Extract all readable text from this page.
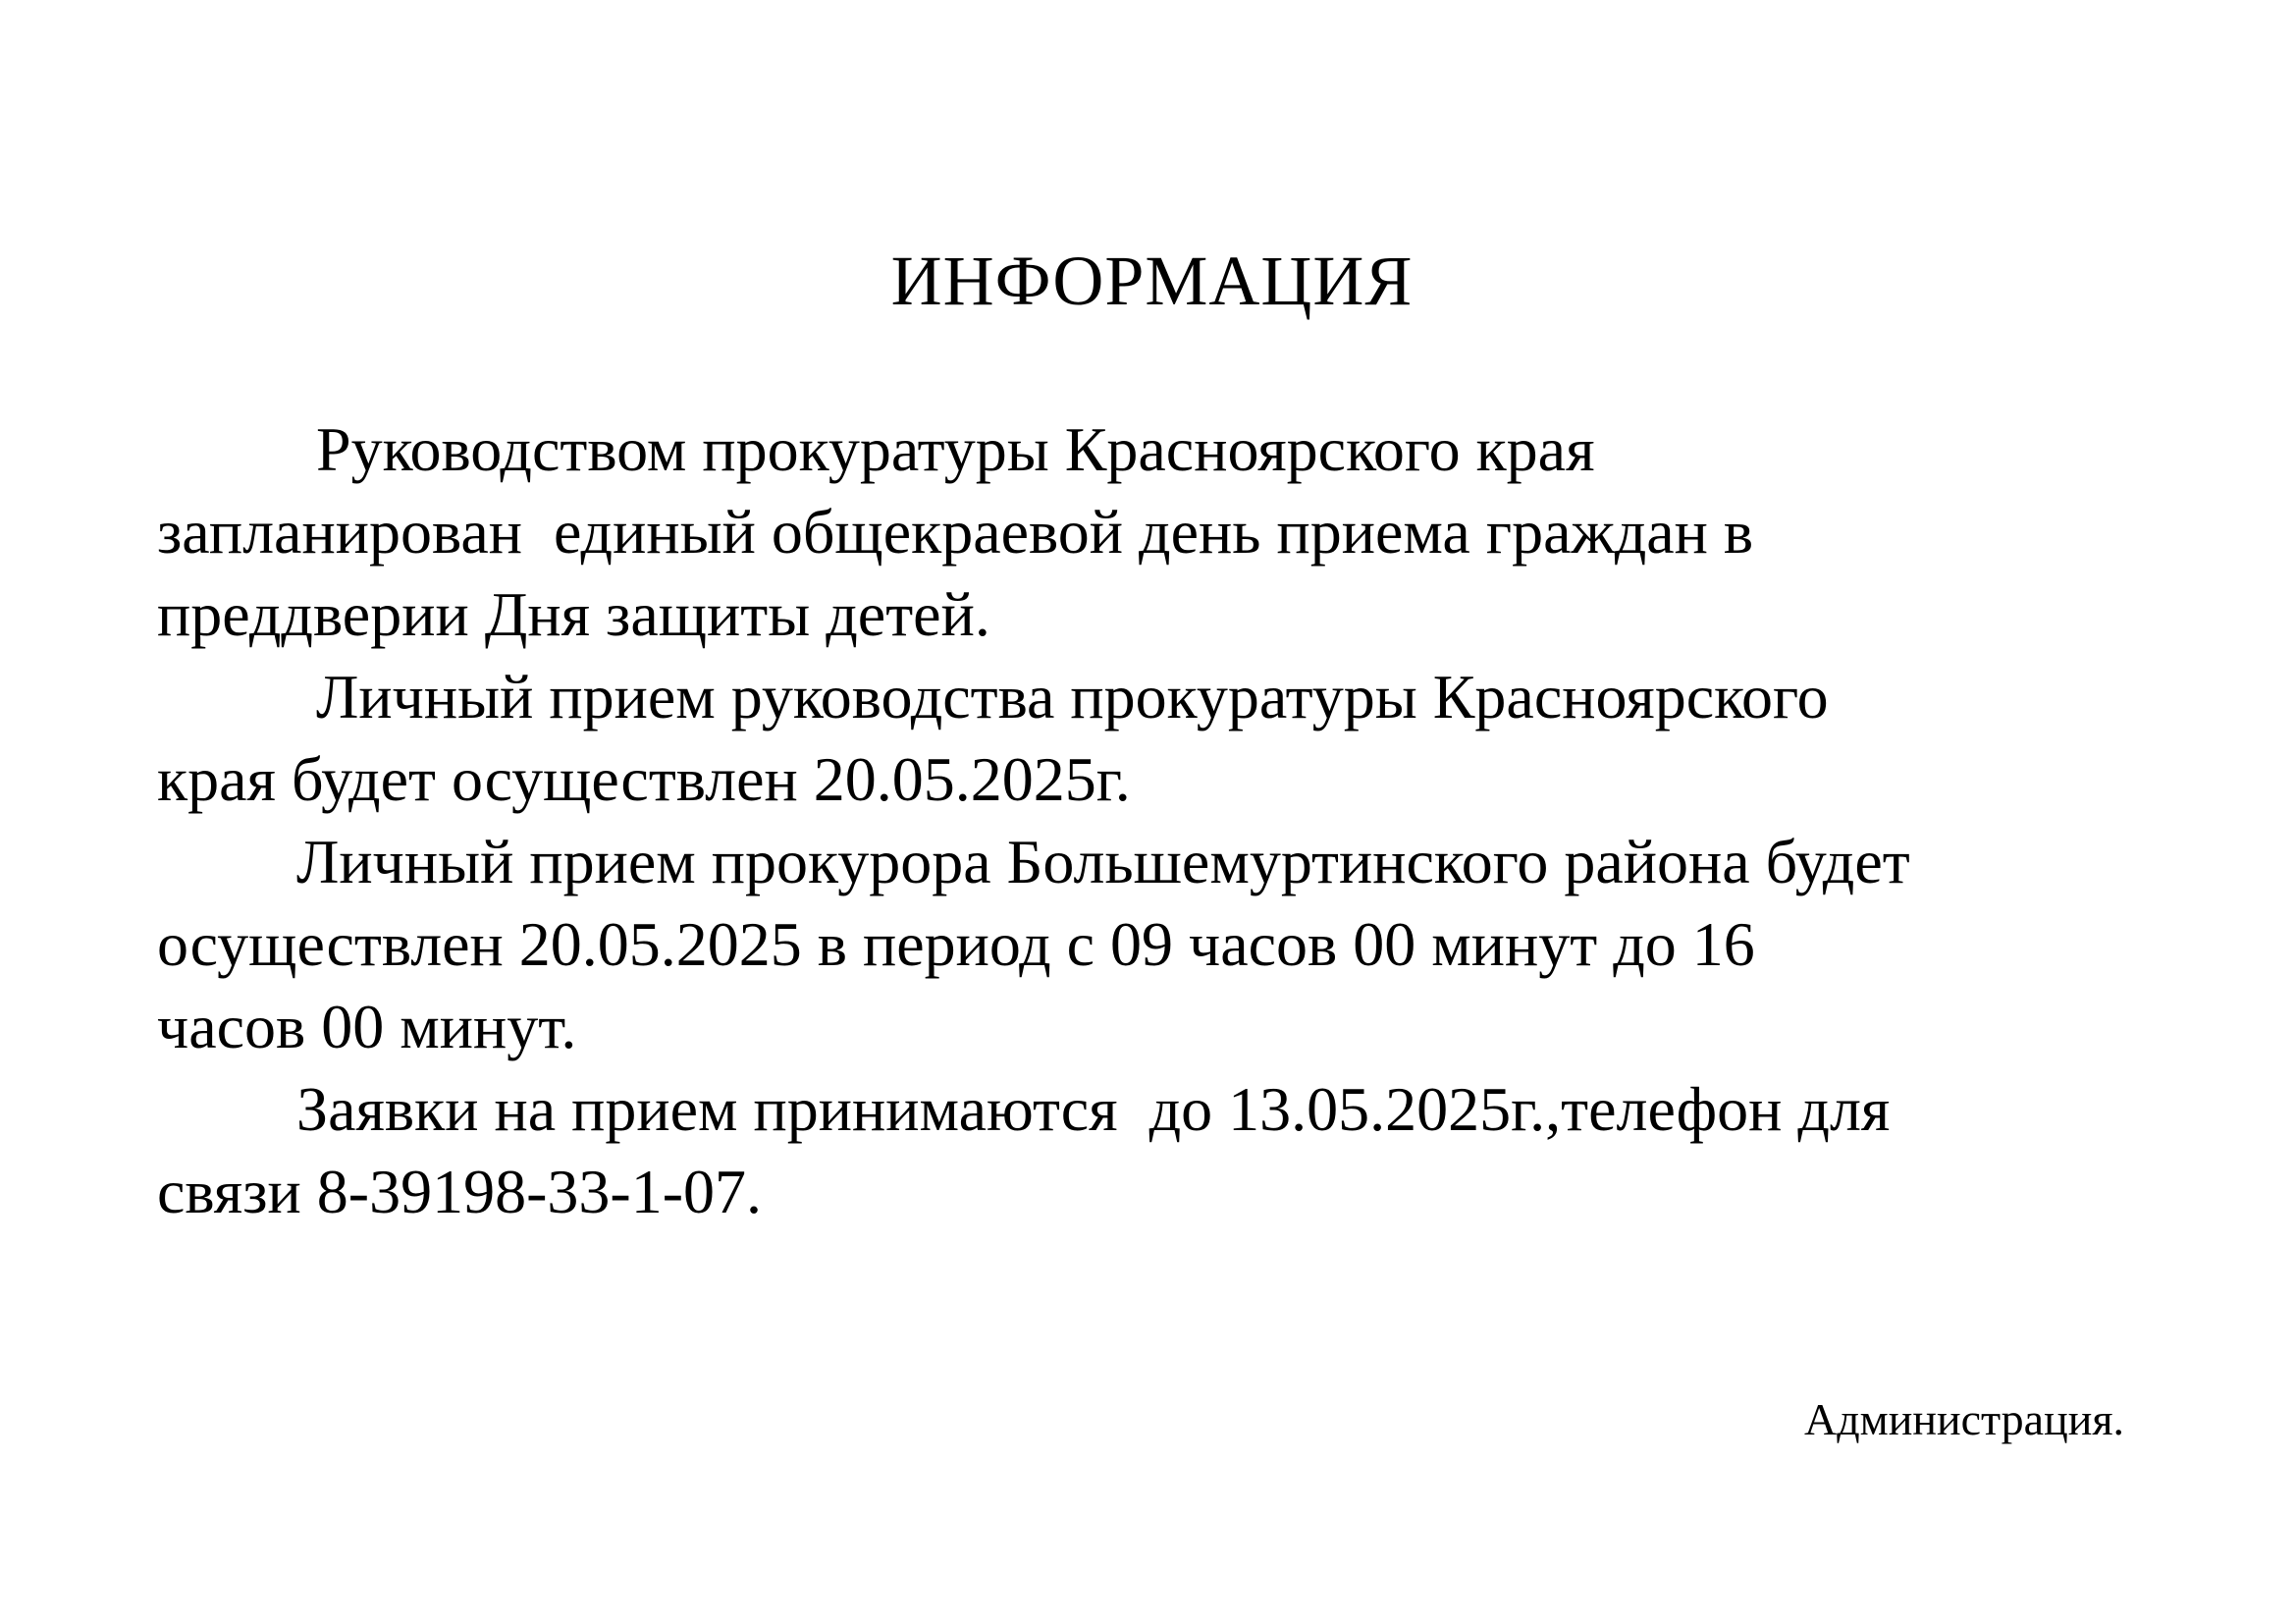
ИНФОРМАЦИЯ

Руководством прокуратуры Красноярского края

запланирован  единый общекраевой день приема граждан в

преддверии Дня защиты детей.

Личный прием руководства прокуратуры Красноярского

края будет осуществлен 20.05.2025г.

Личный прием прокурора Большемуртинского района будет

осуществлен 20.05.2025 в период с 09 часов 00 минут до 16

часов 00 минут.

Заявки на прием принимаются  до 13.05.2025г.,телефон для

связи 8-39198-33-1-07.

Администрация.
